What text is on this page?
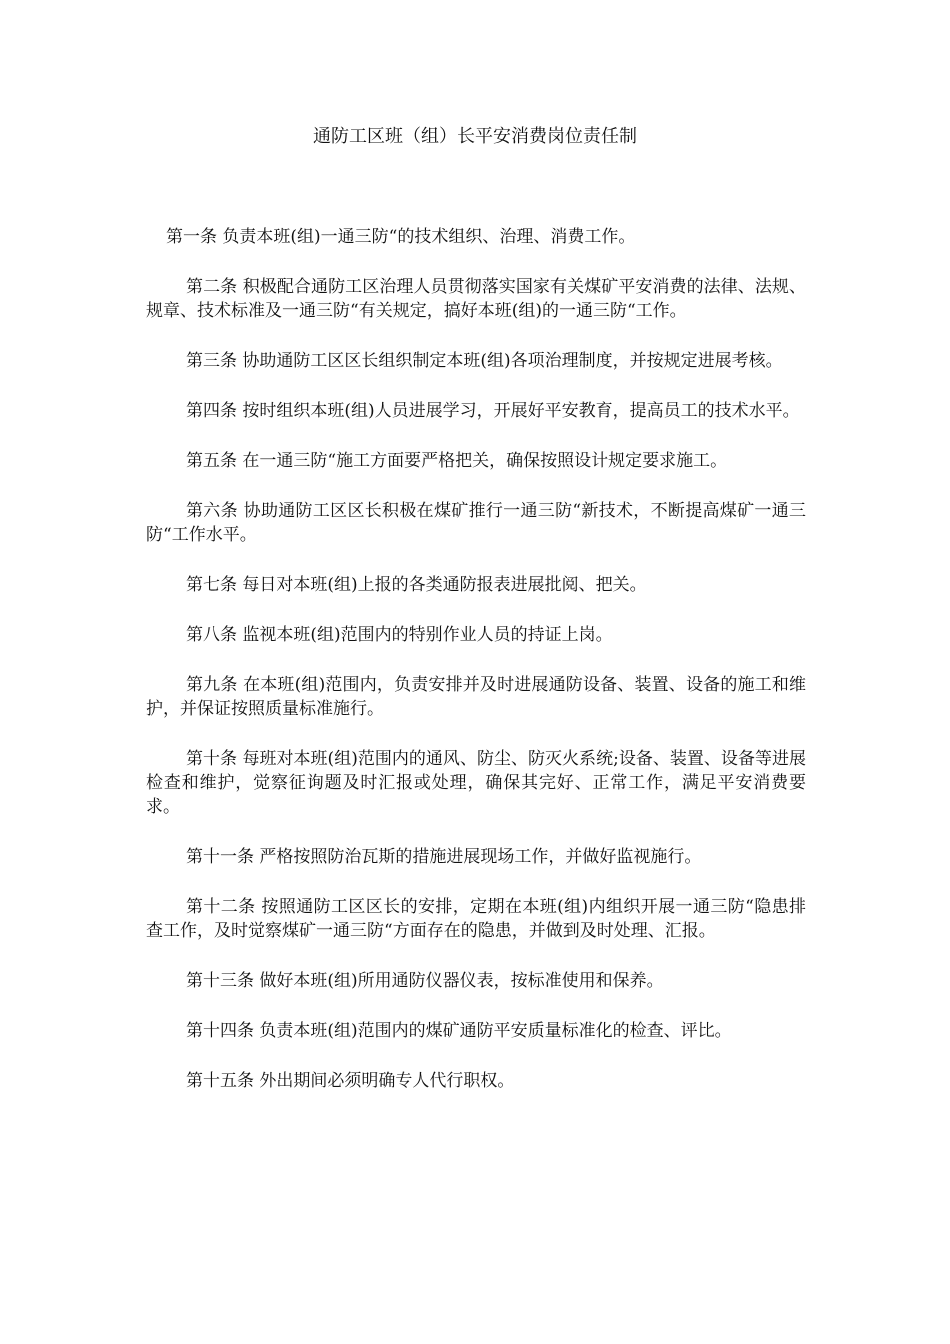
通防工区班（组）长平安消费岗位责任制

第一条 负责本班(组)一通三防“的技术组织、治理、消费工作。

第二条 积极配合通防工区治理人员贯彻落实国家有关煤矿平安消费的法律、法规、规章、技术标准及一通三防“有关规定，搞好本班(组)的一通三防“工作。

第三条 协助通防工区区长组织制定本班(组)各项治理制度，并按规定进展考核。

第四条 按时组织本班(组)人员进展学习，开展好平安教育，提高员工的技术水平。

第五条 在一通三防“施工方面要严格把关，确保按照设计规定要求施工。

第六条 协助通防工区区长积极在煤矿推行一通三防“新技术，不断提高煤矿一通三防“工作水平。

第七条 每日对本班(组)上报的各类通防报表进展批阅、把关。

第八条 监视本班(组)范围内的特别作业人员的持证上岗。

第九条 在本班(组)范围内，负责安排并及时进展通防设备、装置、设备的施工和维护，并保证按照质量标准施行。

第十条 每班对本班(组)范围内的通风、防尘、防灭火系统;设备、装置、设备等进展检查和维护，觉察征询题及时汇报或处理，确保其完好、正常工作，满足平安消费要求。

第十一条 严格按照防治瓦斯的措施进展现场工作，并做好监视施行。

第十二条 按照通防工区区长的安排，定期在本班(组)内组织开展一通三防“隐患排查工作，及时觉察煤矿一通三防“方面存在的隐患，并做到及时处理、汇报。

第十三条 做好本班(组)所用通防仪器仪表，按标准使用和保养。

第十四条 负责本班(组)范围内的煤矿通防平安质量标准化的检查、评比。

第十五条 外出期间必须明确专人代行职权。
